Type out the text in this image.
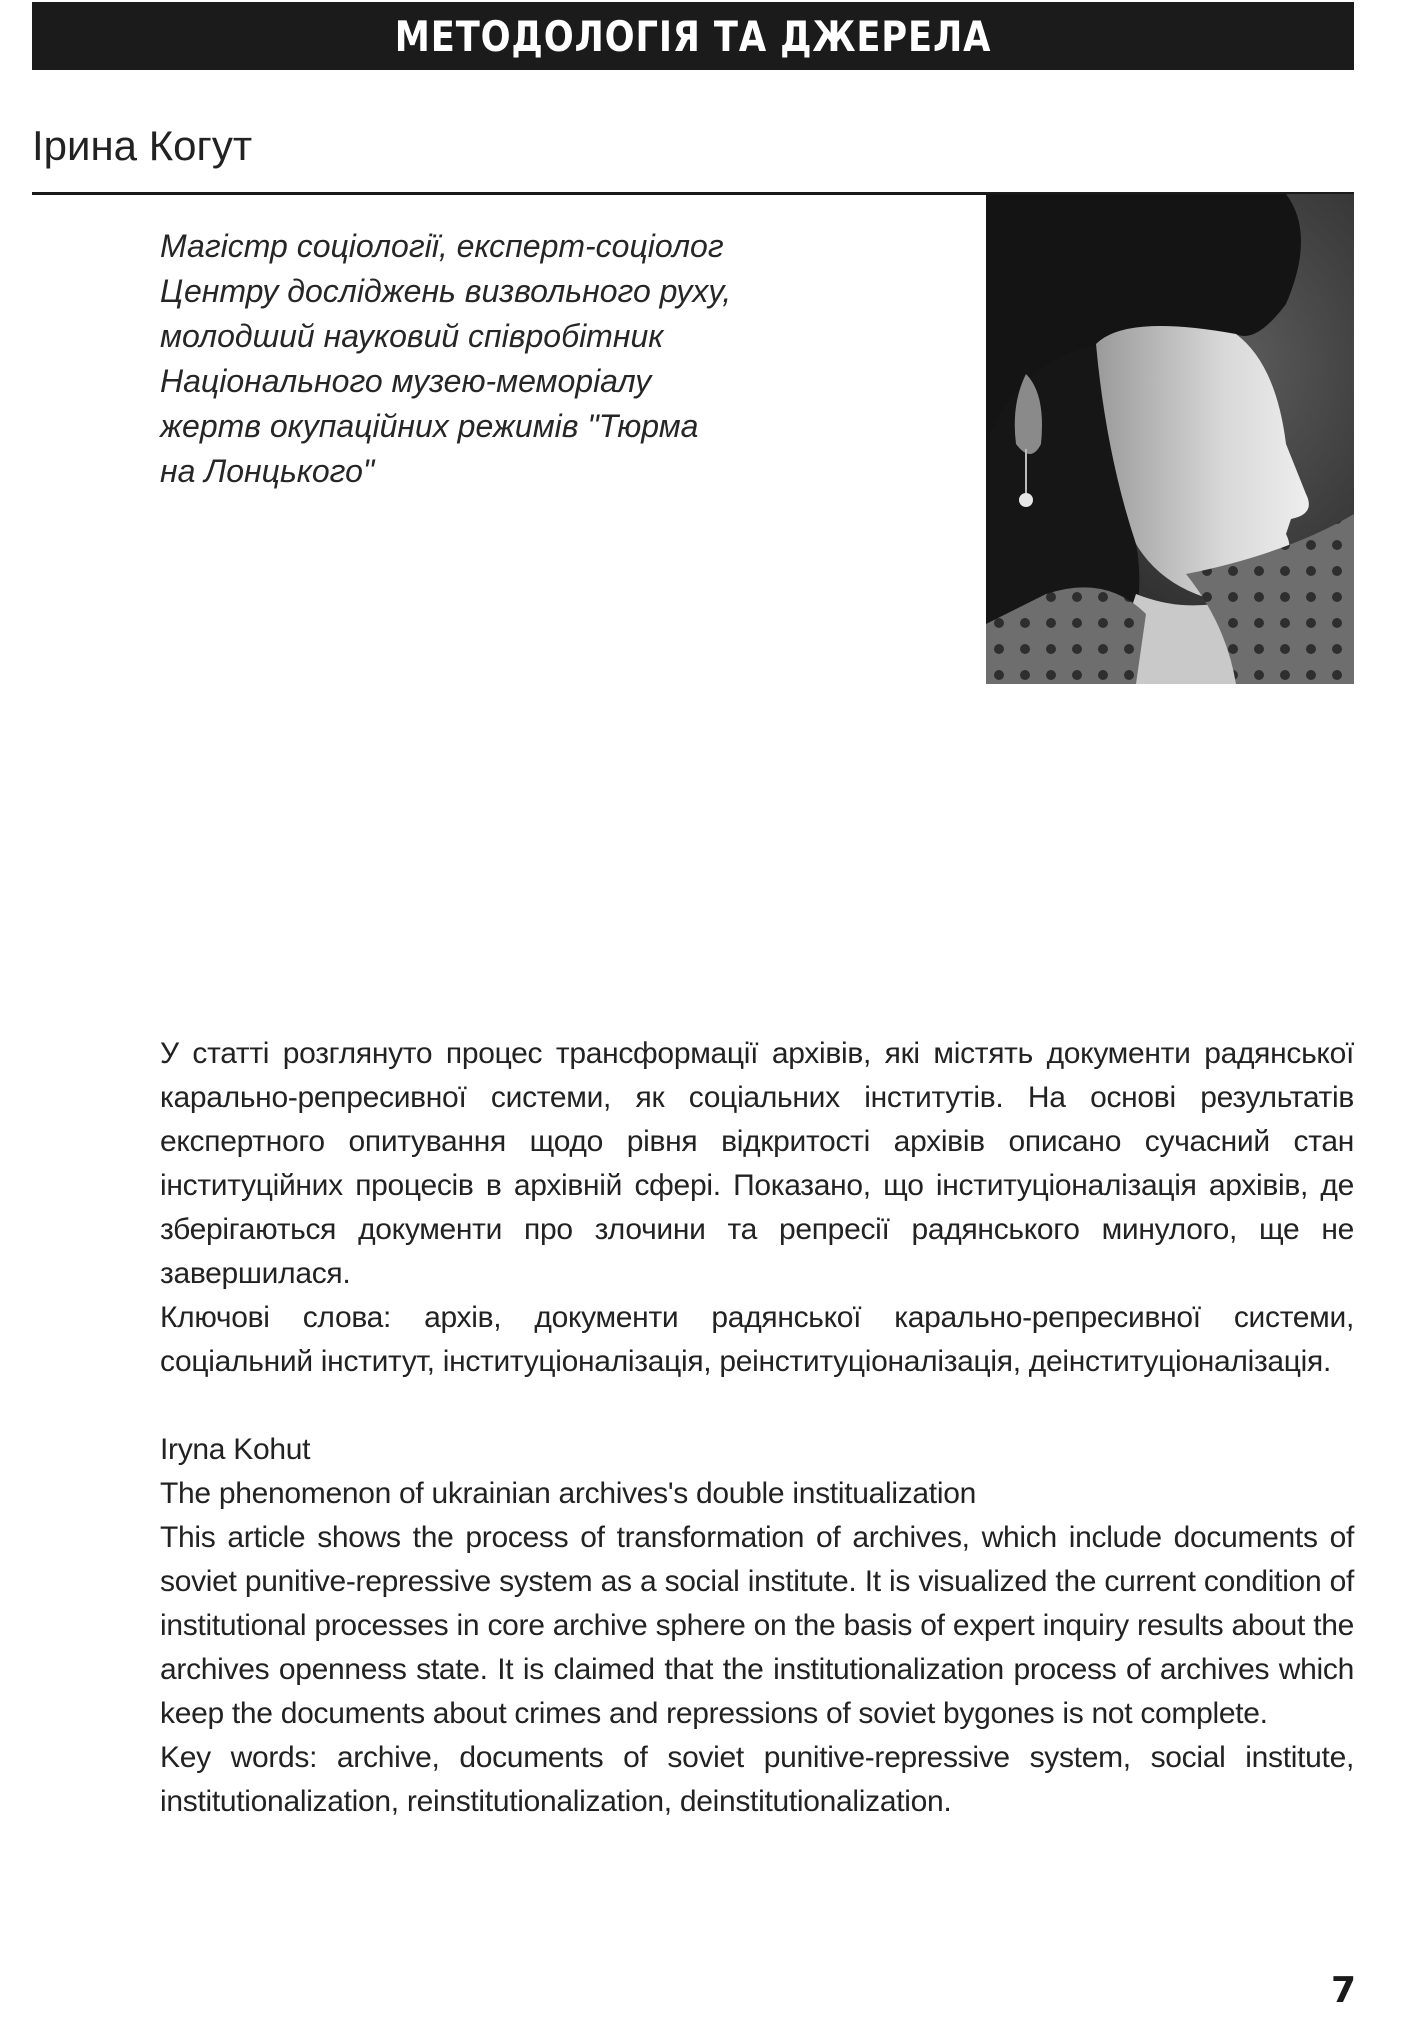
МЕТОДОЛОГІЯ ТА ДЖЕРЕЛА
Ірина Когут
Магістр соціології, експерт-соціолог
Центру досліджень визвольного руху,
молодший науковий співробітник
Національного музею-меморіалу
жертв окупаційних режимів "Тюрма
на Лонцького"

У статті розглянуто процес трансформації архівів, які містять документи радянської карально-репресивної системи, як соціальних інститутів. На основі результатів експертного опитування щодо рівня відкритості архівів описано сучасний стан інституційних процесів в архівній сфері. Показано, що інституціоналізація архівів, де зберігаються документи про злочини та репресії радянського минулого, ще не завершилася.

Ключові слова: архів, документи радянської карально-репресивної системи, соціальний інститут, інституціоналізація, реінституціоналізація, деінституціоналізація.

Iryna Kohut

The phenomenon of ukrainian archives's double institualization

This article shows the process of transformation of archives, which include documents of soviet punitive-repressive system as a social institute. It is visualized the current condition of institutional processes in core archive sphere on the basis of expert inquiry results about the archives openness state. It is claimed that the institutionalization process of archives which keep the documents about crimes and repressions of soviet bygones is not complete.

Key words: archive, documents of soviet punitive-repressive system, social institute, institutionalization, reinstitutionalization, deinstitutionalization.

7
